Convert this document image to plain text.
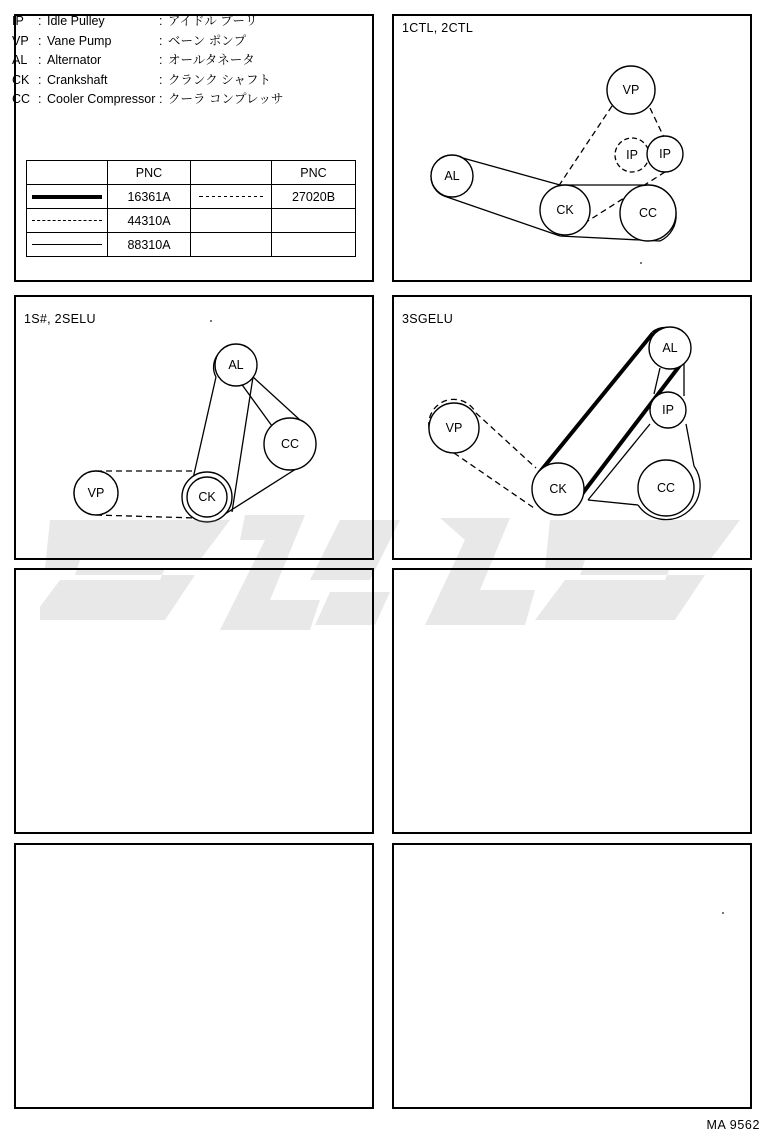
IP : Idle Pulley	: アイドル プーリ
VP : Vane Pump	: ベーン ポンプ
AL : Alternator	: オールタネータ
CK : Crankshaft	: クランク シャフト
CC : Cooler Compressor : クーラ コンプレッサ
	PNC		PNC

	16361A		27020B

	44310A		

	88310A		
1CTL, 2CTL
1S#, 2SELU	3SGELU
IP
VP
IP
AL
CK	CC
AL
CC
VP	CK
AL
IP
VP
CK	CC
MA 9562
